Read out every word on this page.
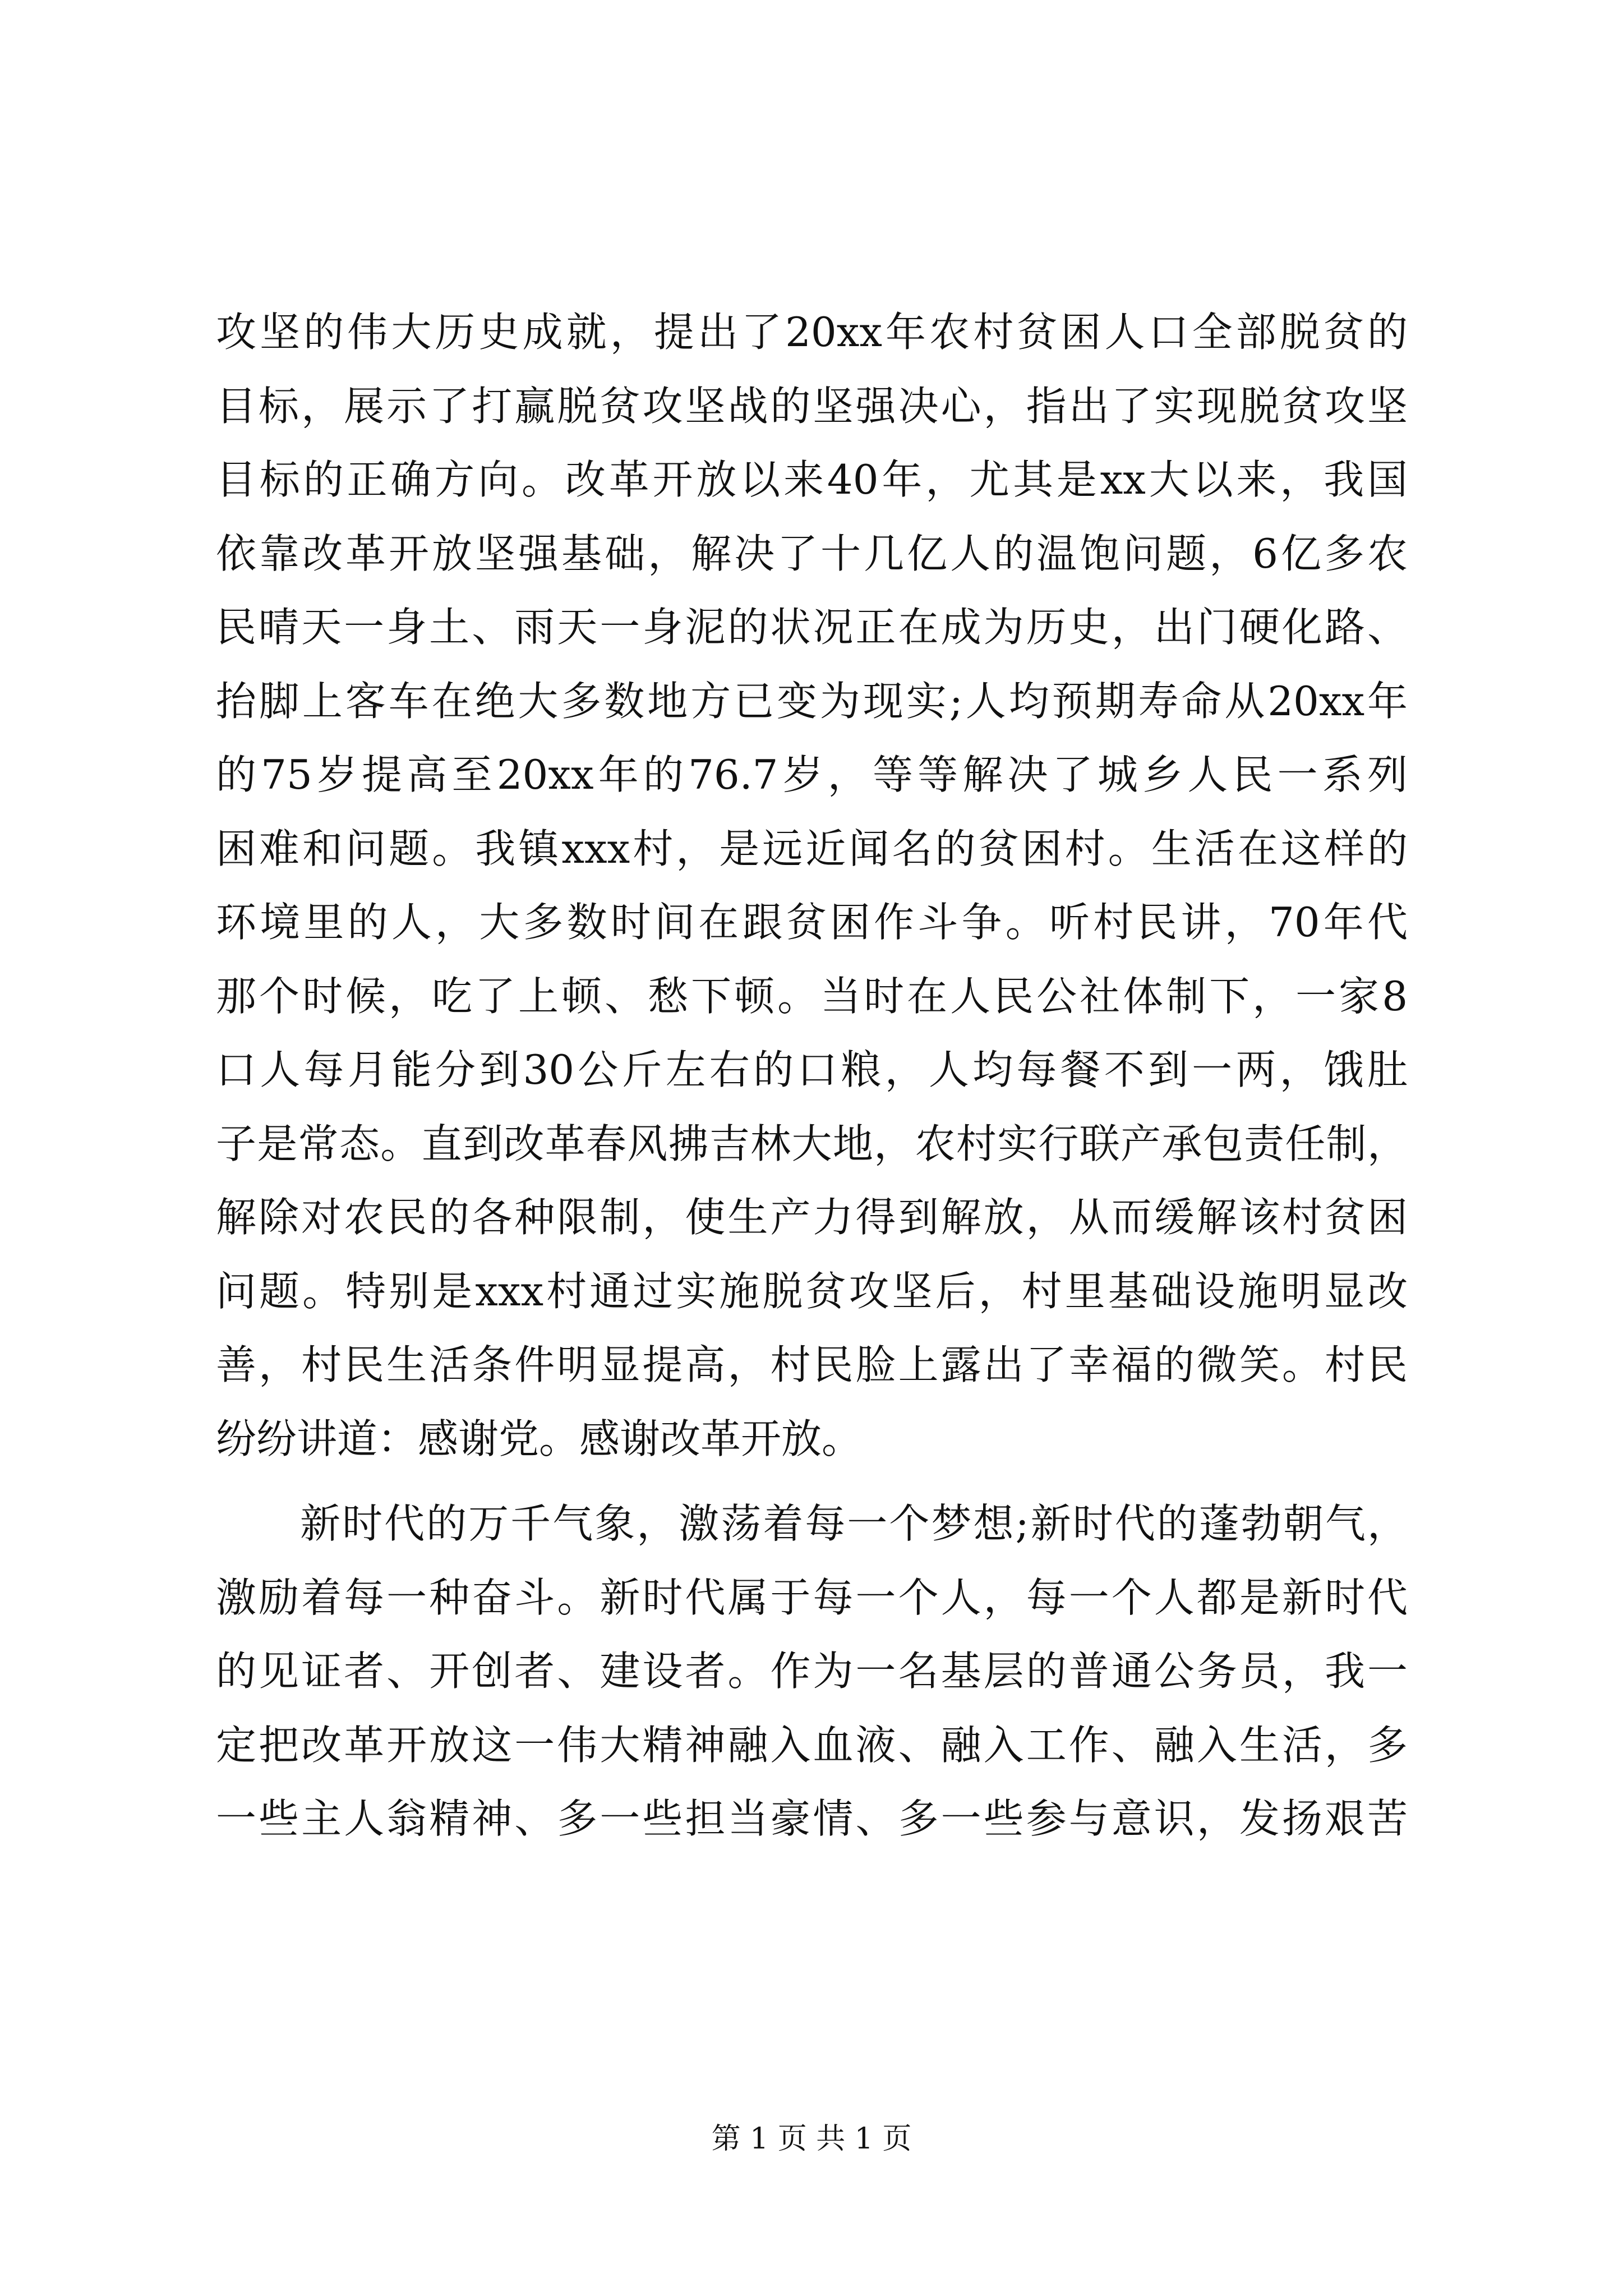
攻坚的伟大历史成就，提出了20xx年农村贫困人口全部脱贫的
目标，展示了打赢脱贫攻坚战的坚强决心，指出了实现脱贫攻坚
目标的正确方向。改革开放以来40年，尤其是xx大以来，我国
依靠改革开放坚强基础，解决了十几亿人的温饱问题，6亿多农
民晴天一身土、雨天一身泥的状况正在成为历史，出门硬化路、
抬脚上客车在绝大多数地方已变为现实;人均预期寿命从20xx年
的75岁提高至20xx年的76.7岁，等等解决了城乡人民一系列
困难和问题。我镇xxx村，是远近闻名的贫困村。生活在这样的
环境里的人，大多数时间在跟贫困作斗争。听村民讲，70年代
那个时候，吃了上顿、愁下顿。当时在人民公社体制下，一家8
口人每月能分到30公斤左右的口粮，人均每餐不到一两，饿肚
子是常态。直到改革春风拂吉林大地，农村实行联产承包责任制，
解除对农民的各种限制，使生产力得到解放，从而缓解该村贫困
问题。特别是xxx村通过实施脱贫攻坚后，村里基础设施明显改
善，村民生活条件明显提高，村民脸上露出了幸福的微笑。村民
纷纷讲道：感谢党。感谢改革开放。
　　新时代的万千气象，激荡着每一个梦想;新时代的蓬勃朝气，
激励着每一种奋斗。新时代属于每一个人，每一个人都是新时代
的见证者、开创者、建设者。作为一名基层的普通公务员，我一
定把改革开放这一伟大精神融入血液、融入工作、融入生活，多
一些主人翁精神、多一些担当豪情、多一些参与意识，发扬艰苦
第 1 页 共 1 页
